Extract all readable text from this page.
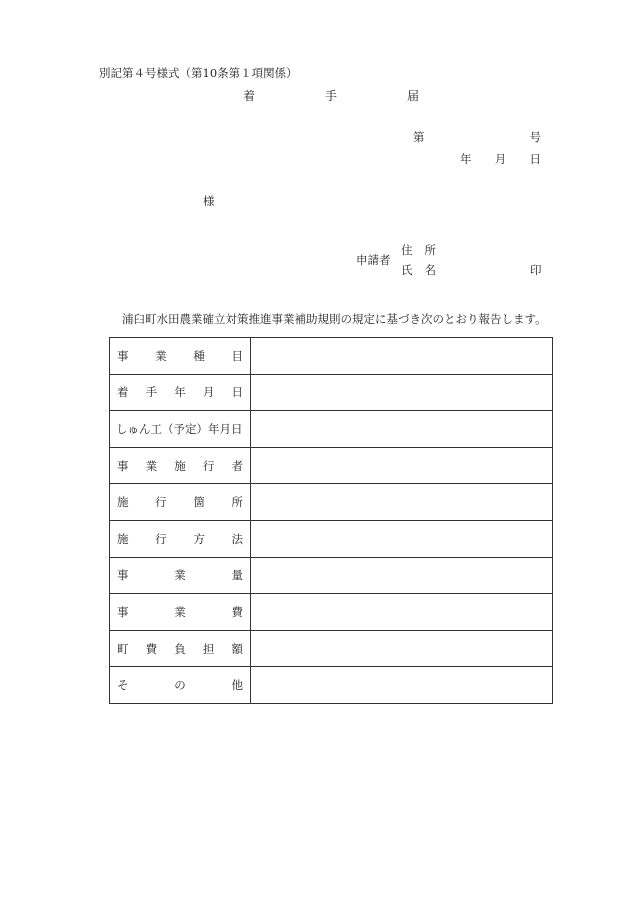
別記第４号様式（第10条第１項関係）
着	手	届
第	号
年 月 日
様
申請者
住 所
氏 名	印
浦臼町水田農業確立対策推進事業補助規則の規定に基づき次のとおり報告します。
事 業 種 目	

着 手 年 月 日	

しゅん工（予定）年月日	

事 業 施 行 者	

施 行 箇 所	

施 行 方 法	

事 業 量	

事 業 費	

町 費 負 担 額	

そ の 他	
